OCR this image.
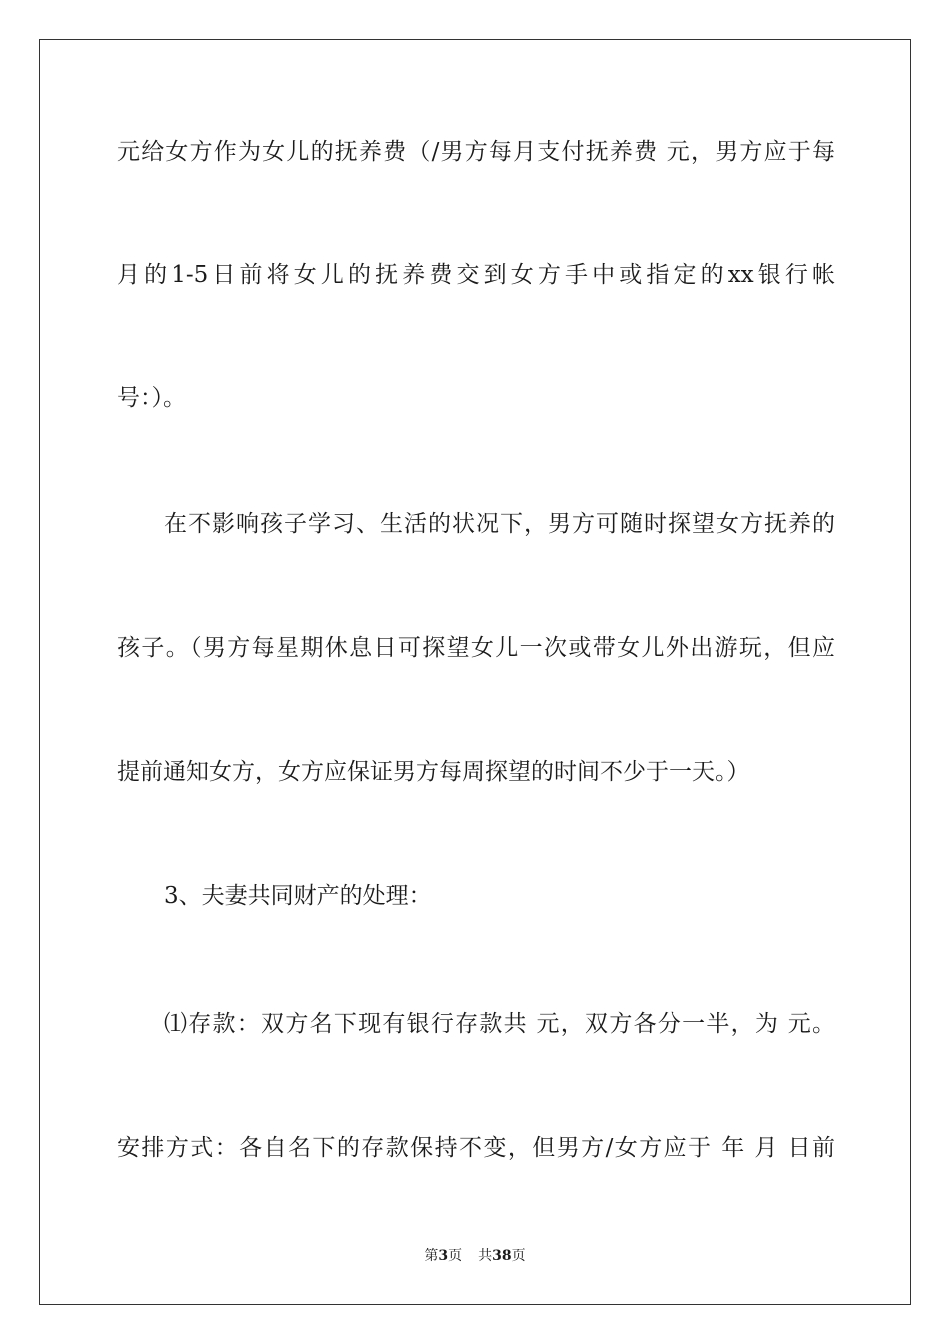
元给女方作为女儿的抚养费（/男方每月支付抚养费 元，男方应于每
月的1-5日前将女儿的抚养费交到女方手中或指定的xx银行帐
号：）。
在不影响孩子学习、生活的状况下，男方可随时探望女方抚养的
孩子。（男方每星期休息日可探望女儿一次或带女儿外出游玩，但应
提前通知女方，女方应保证男方每周探望的时间不少于一天。）
3、夫妻共同财产的处理：
⑴存款：双方名下现有银行存款共 元，双方各分一半，为 元。
安排方式：各自名下的存款保持不变，但男方/女方应于 年 月 日前
第3页 共38页
